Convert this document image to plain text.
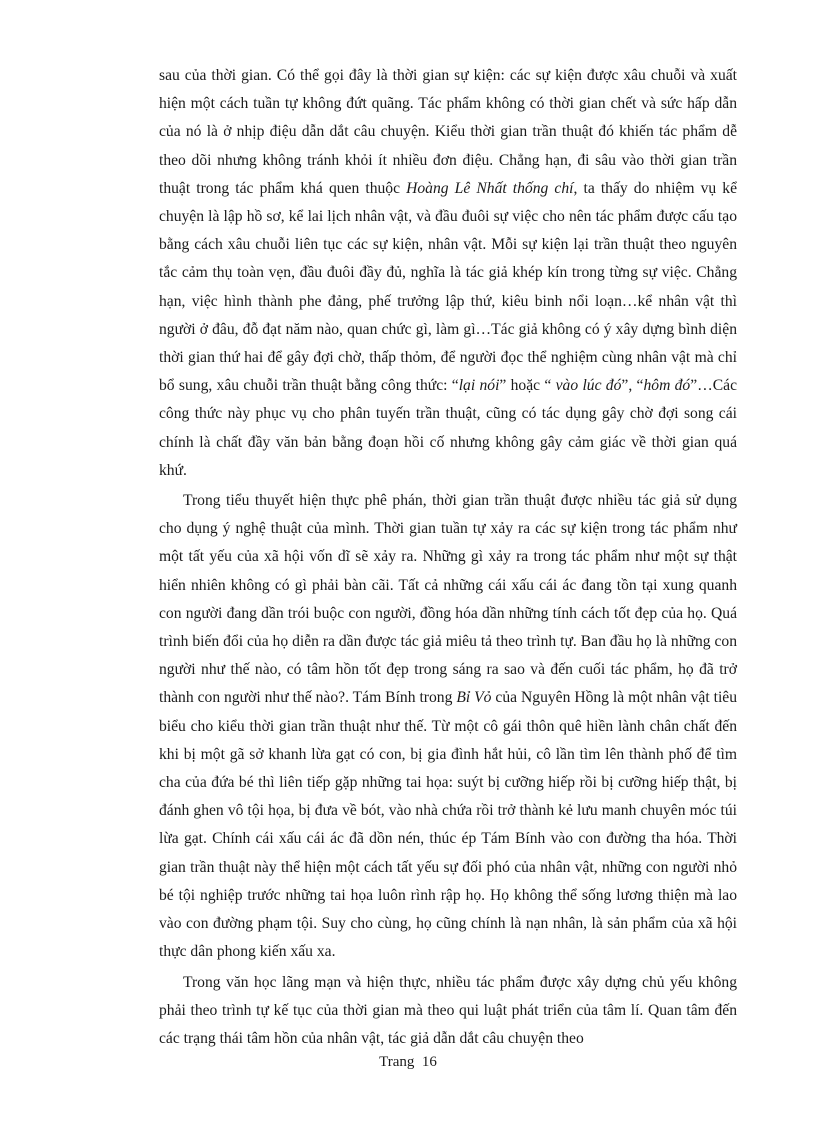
sau của thời gian. Có thể gọi đây là thời gian sự kiện: các sự kiện được xâu chuỗi và xuất hiện một cách tuần tự không đứt quãng. Tác phẩm không có thời gian chết và sức hấp dẫn của nó là ở nhịp điệu dẫn dắt câu chuyện. Kiểu thời gian trần thuật đó khiến tác phẩm dễ theo dõi nhưng không tránh khỏi ít nhiều đơn điệu. Chẳng hạn, đi sâu vào thời gian trần thuật trong tác phẩm khá quen thuộc Hoàng Lê Nhất thống chí, ta thấy do nhiệm vụ kể chuyện là lập hồ sơ, kể lai lịch nhân vật, và đầu đuôi sự việc cho nên tác phẩm được cấu tạo bằng cách xâu chuỗi liên tục các sự kiện, nhân vật. Mỗi sự kiện lại trần thuật theo nguyên tắc cảm thụ toàn vẹn, đầu đuôi đầy đủ, nghĩa là tác giả khép kín trong từng sự việc. Chẳng hạn, việc hình thành phe đảng, phế trưởng lập thứ, kiêu binh nổi loạn…kể nhân vật thì người ở đâu, đỗ đạt năm nào, quan chức gì, làm gì…Tác giả không có ý xây dựng bình diện thời gian thứ hai để gây đợi chờ, thấp thỏm, để người đọc thể nghiệm cùng nhân vật mà chỉ bổ sung, xâu chuỗi trần thuật bằng công thức: “lại nói” hoặc “ vào lúc đó”, “hôm đó”…Các công thức này phục vụ cho phân tuyến trần thuật, cũng có tác dụng gây chờ đợi song cái chính là chất đầy văn bản bằng đoạn hồi cố nhưng không gây cảm giác về thời gian quá khứ.

Trong tiểu thuyết hiện thực phê phán, thời gian trần thuật được nhiều tác giả sử dụng cho dụng ý nghệ thuật của mình. Thời gian tuần tự xảy ra các sự kiện trong tác phẩm như một tất yếu của xã hội vốn dĩ sẽ xảy ra. Những gì xảy ra trong tác phẩm như một sự thật hiển nhiên không có gì phải bàn cãi. Tất cả những cái xấu cái ác đang tồn tại xung quanh con người đang dần trói buộc con người, đồng hóa dần những tính cách tốt đẹp của họ. Quá trình biến đổi của họ diễn ra dần được tác giả miêu tả theo trình tự. Ban đầu họ là những con người như thế nào, có tâm hồn tốt đẹp trong sáng ra sao và đến cuối tác phẩm, họ đã trở thành con người như thế nào?. Tám Bính trong Bỉ Vỏ của Nguyên Hồng là một nhân vật tiêu biểu cho kiểu thời gian trần thuật như thế. Từ một cô gái thôn quê hiền lành chân chất đến khi bị một gã sở khanh lừa gạt có con, bị gia đình hắt hủi, cô lần tìm lên thành phố để tìm cha của đứa bé thì liên tiếp gặp những tai họa: suýt bị cưỡng hiếp rồi bị cưỡng hiếp thật, bị đánh ghen vô tội họa, bị đưa về bót, vào nhà chứa rồi trở thành kẻ lưu manh chuyên móc túi lừa gạt. Chính cái xấu cái ác đã dồn nén, thúc ép Tám Bính vào con đường tha hóa. Thời gian trần thuật này thể hiện một cách tất yếu sự đối phó của nhân vật, những con người nhỏ bé tội nghiệp trước những tai họa luôn rình rập họ. Họ không thể sống lương thiện mà lao vào con đường phạm tội. Suy cho cùng, họ cũng chính là nạn nhân, là sản phẩm của xã hội thực dân phong kiến xấu xa.

Trong văn học lãng mạn và hiện thực, nhiều tác phẩm được xây dựng chủ yếu không phải theo trình tự kế tục của thời gian mà theo qui luật phát triển của tâm lí. Quan tâm đến các trạng thái tâm hồn của nhân vật, tác giả dẫn dắt câu chuyện theo

Trang 16
